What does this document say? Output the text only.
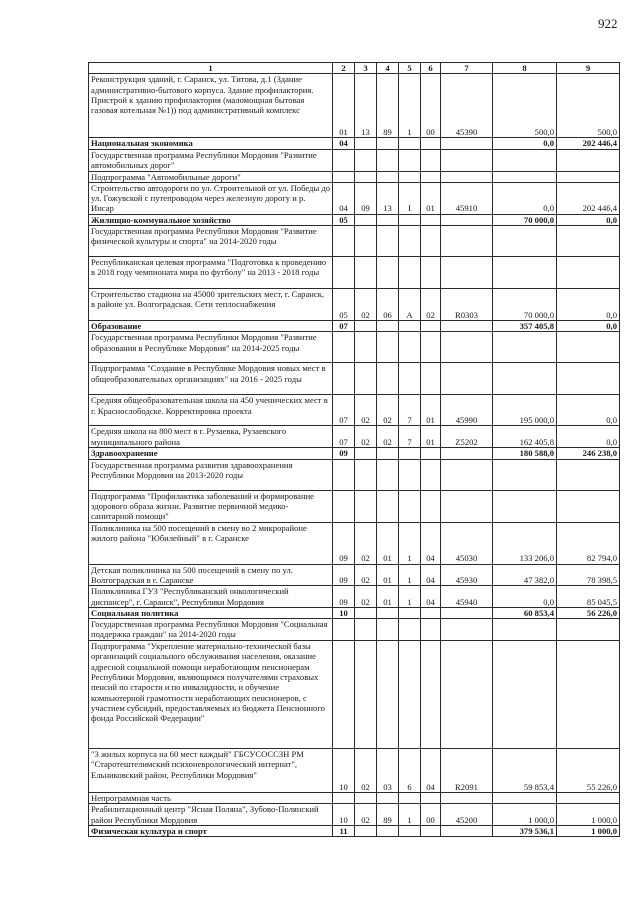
922
1	2	3	4	5	6	7	8	9
Реконструкция зданий, г. Саранск, ул. Титова, д.1 (Здание административно-бытового корпуса. Здание профилактория. Пристрой к зданию профилактория (маломощная бытовая газовая котельная №1)) под административный комплекс	01	13	89	1	00	45390	500,0	500,0
Национальная экономика	04						0,0	202 446,4
Государственная программа Республики Мордовия "Развитие автомобильных дорог"								
Подпрограмма "Автомобильные дороги"								
Строительство автодороги по ул. Строительной от ул. Победы до ул. Гожувской с путепроводом через железную дорогу и р. Инсар	04	09	13	I	01	45910	0,0	202 446,4
Жилищно-коммунальное хозяйство	05						70 000,0	0,0
Государственная программа Республики Мордовия "Развитие физической культуры и спорта" на 2014-2020 годы								
Республиканская целевая программа "Подготовка к проведению в 2018 году чемпионата мира по футболу" на 2013 - 2018 годы								
Строительство стадиона на 45000 зрительских мест, г. Саранск, в районе ул. Волгоградская. Сети теплоснабжения	05	02	06	А	02	R0303	70 000,0	0,0
Образование	07						357 405,8	0,0
Государственная программа Республики Мордовия "Развитие образования в Республике Мордовия" на 2014-2025 годы								
Подпрограмма "Создание в Республике Мордовия новых мест в общеобразовательных организациях" на 2016 - 2025 годы								
Средняя общеобразовательная школа на 450 ученических мест в г. Краснослободске. Корректировка проекта	07	02	02	7	01	45990	195 000,0	0,0
Средняя школа на 800 мест в г. Рузаевка, Рузаевского муниципального района	07	02	02	7	01	Z5202	162 405,8	0,0
Здравоохранение	09						180 588,0	246 238,0
Государственная программа развития здравоохранения Республики Мордовия на 2013-2020 годы								
Подпрограмма "Профилактика заболеваний и формирование здорового образа жизни. Развитие первичной медико-санитарной помощи"								
Поликлиника на 500 посещений в смену во 2 микрорайоне жилого района "Юбилейный" в г. Саранске	09	02	01	1	04	45030	133 206,0	82 794,0
Детская поликлиника на 500 посещений в смену по ул. Волгоградская в г. Саранске	09	02	01	1	04	45930	47 382,0	78 398,5
Поликлиника ГУЗ "Республиканский онкологический диспансер", г. Саранск", Республики Мордовия	09	02	01	1	04	45940	0,0	85 045,5
Социальная политика	10						60 853,4	56 226,0
Государственная программа Республики Мордовия "Социальная поддержка граждан" на 2014-2020 годы								
Подпрограмма "Укрепление материально-технической базы организаций социального обслуживания населения, оказание адресной социальной помощи неработающим пенсионерам Республики Мордовия, являющимся получателями страховых пенсий по старости и по инвалидности, и обучение компьютерной грамотности неработающих пенсионеров, с участием субсидий, предоставляемых из бюджета Пенсионного фонда Российской Федерации"								
"3 жилых корпуса на 60 мест каждый" ГБСУСОССЗН РМ "Старотештелимский психоневрологический интернат", Ельниковский район, Республики Мордовия"	10	02	03	6	04	R2091	59 853,4	55 226,0
Непрограммная часть								
Реабилитационный центр "Ясная Поляна", Зубово-Полянский район Республики Мордовия	10	02	89	1	00	45200	1 000,0	1 000,0
Физическая культура и спорт	11						379 536,1	1 000,0
